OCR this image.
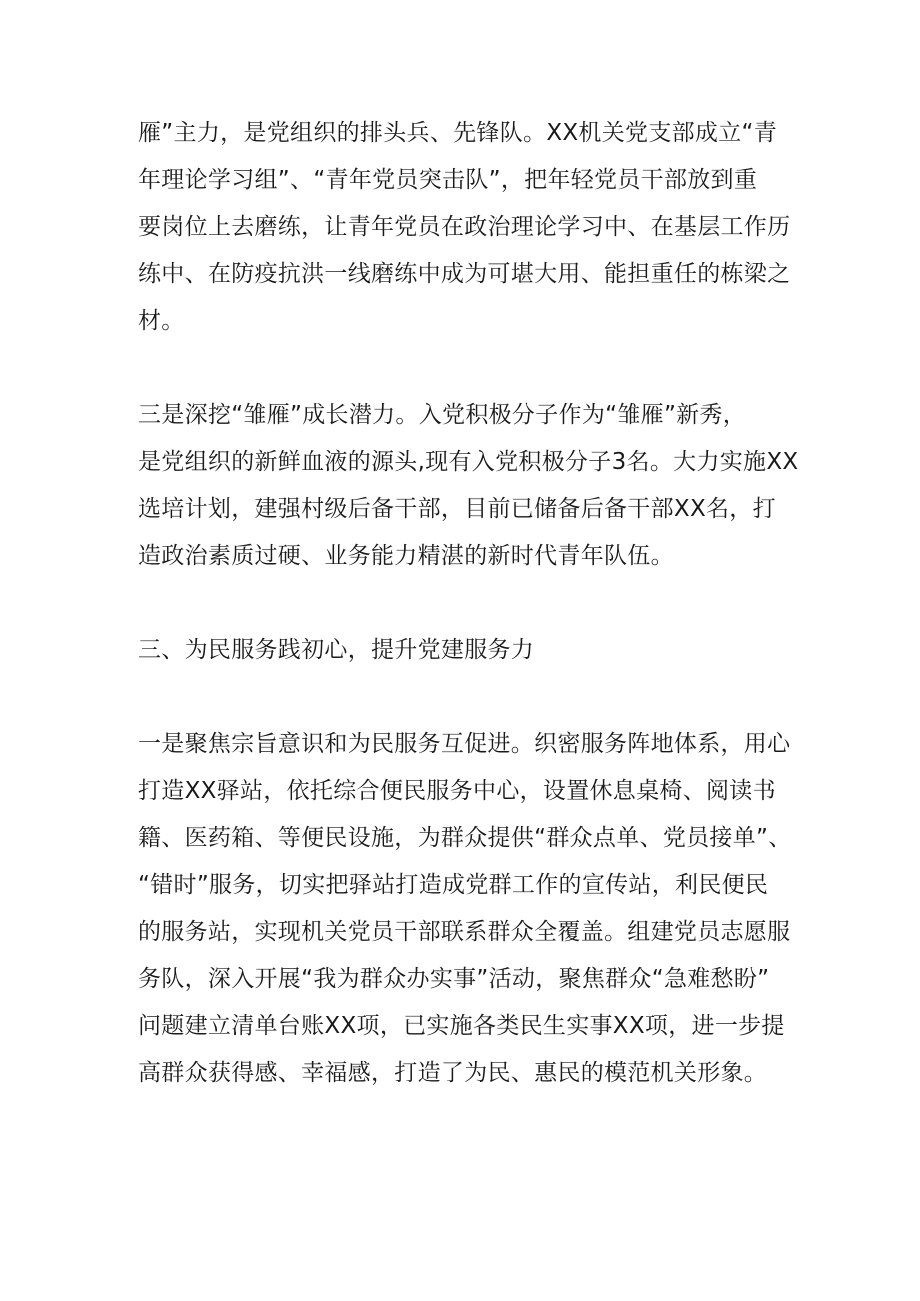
雁”主力，是党组织的排头兵、先锋队。XX机关党支部成立“青
年理论学习组”、“青年党员突击队”，把年轻党员干部放到重
要岗位上去磨练，让青年党员在政治理论学习中、在基层工作历
练中、在防疫抗洪一线磨练中成为可堪大用、能担重任的栋梁之
材。
三是深挖“雏雁”成长潜力。入党积极分子作为“雏雁”新秀，
是党组织的新鲜血液的源头,现有入党积极分子3名。大力实施XX
选培计划，建强村级后备干部，目前已储备后备干部XX名，打
造政治素质过硬、业务能力精湛的新时代青年队伍。
三、为民服务践初心，提升党建服务力
一是聚焦宗旨意识和为民服务互促进。织密服务阵地体系，用心
打造XX驿站，依托综合便民服务中心，设置休息桌椅、阅读书
籍、医药箱、等便民设施，为群众提供“群众点单、党员接单”、
“错时”服务，切实把驿站打造成党群工作的宣传站，利民便民
的服务站，实现机关党员干部联系群众全覆盖。组建党员志愿服
务队，深入开展“我为群众办实事”活动，聚焦群众“急难愁盼”
问题建立清单台账XX项，已实施各类民生实事XX项，进一步提
高群众获得感、幸福感，打造了为民、惠民的模范机关形象。
